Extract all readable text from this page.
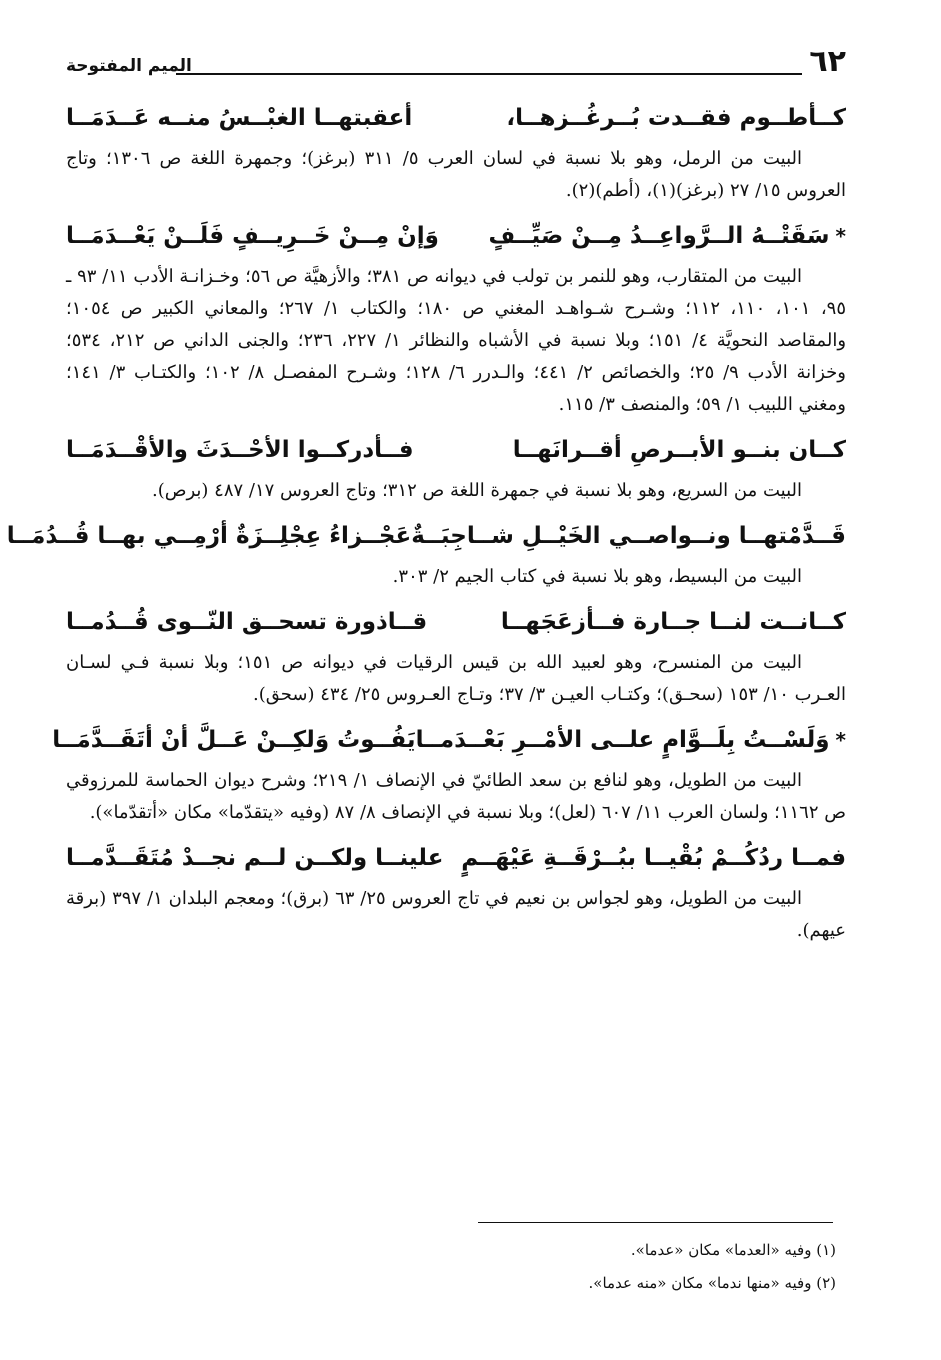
٦٢
الميم المفتوحة
كــأطــوم فقــدت بُــرغُــزهــا،
أعقبتهــا الغبْــسُ منــه عَــدَمَــا

البيت من الرمل، وهو بلا نسبة في لسان العرب ٥/ ٣١١ (برغز)؛ وجمهرة اللغة ص ١٣٠٦؛ وتاج العروس ١٥/ ٢٧ (برغز)(١)، (أطم)(٢).

*سَقَتْــهُ الــرَّواعِــدُ مِــنْ صَيِّــفٍ
وَإنْ مِــنْ خَــرِيــفٍ فَلَــنْ يَعْــدَمَــا

البيت من المتقارب، وهو للنمر بن تولب في ديوانه ص ٣٨١؛ والأزهيَّة ص ٥٦؛ وخـزانـة الأدب ١١/ ٩٣ ـ ٩٥، ١٠١، ١١٠، ١١٢؛ وشـرح شـواهـد المغني ص ١٨٠؛ والكتاب ١/ ٢٦٧؛ والمعاني الكبير ص ١٠٥٤؛ والمقاصد النحويَّة ٤/ ١٥١؛ وبلا نسبة في الأشباه والنظائر ١/ ٢٢٧، ٢٣٦؛ والجنى الداني ص ٢١٢، ٥٣٤؛ وخزانة الأدب ٩/ ٢٥؛ والخصائص ٢/ ٤٤١؛ والـدرر ٦/ ١٢٨؛ وشـرح المفصـل ٨/ ١٠٢؛ والكتـاب ٣/ ١٤١؛ ومغني اللبيب ١/ ٥٩؛ والمنصف ٣/ ١١٥.

كــان بنــو الأبــرصِ أقــرانَهــا
فــأدركــوا الأحْــدَثَ والأقْــدَمَــا

البيت من السريع، وهو بلا نسبة في جمهرة اللغة ص ٣١٢؛ وتاج العروس ١٧/ ٤٨٧ (برص).

قَــدَّمْتهــا ونــواصــي الخَيْــلِ شــاجِبَــةٌ
عَجْــزاءُ عِجْلِــزَةٌ أرْمِــي بهــا قُــدُمَــا

البيت من البسيط، وهو بلا نسبة في كتاب الجيم ٢/ ٣٠٣.

كــانــت لنــا جــارة فــأزعَجَهــا
قــاذورة تسحــق النّــوى قُــدُمــا

البيت من المنسرح، وهو لعبيد الله بن قيس الرقيات في ديوانه ص ١٥١؛ وبلا نسبة فـي لسـان العـرب ١٠/ ١٥٣ (سحـق)؛ وكتـاب العيـن ٣/ ٣٧؛ وتـاج العـروس ٢٥/ ٤٣٤ (سحق).

*وَلَسْــتُ بِلَــوَّامٍ علــى الأمْــرِ بَعْــدَمــا
يَفُــوتُ وَلكِــنْ عَــلَّ أنْ أتَقَــدَّمَــا

البيت من الطويل، وهو لنافع بن سعد الطائيّ في الإنصاف ١/ ٢١٩؛ وشرح ديوان الحماسة للمرزوقي ص ١١٦٢؛ ولسان العرب ١١/ ٦٠٧ (لعل)؛ وبلا نسبة في الإنصاف ٨/ ٨٧ (وفيه «يتقدّما» مكان «أتقدّما»).

فمــا ردُكُــمْ بُقْيــا ببُــرْقَــةِ عَيْهَــمٍ
علينــا ولكــن لــم نجــدْ مُتَقَــدَّمــا

البيت من الطويل، وهو لجواس بن نعيم في تاج العروس ٢٥/ ٦٣ (برق)؛ ومعجم البلدان ١/ ٣٩٧ (برقة عيهم).

(١) وفيه «العدما» مكان «عدما».
(٢) وفيه «منها ندما» مكان «منه عدما».
